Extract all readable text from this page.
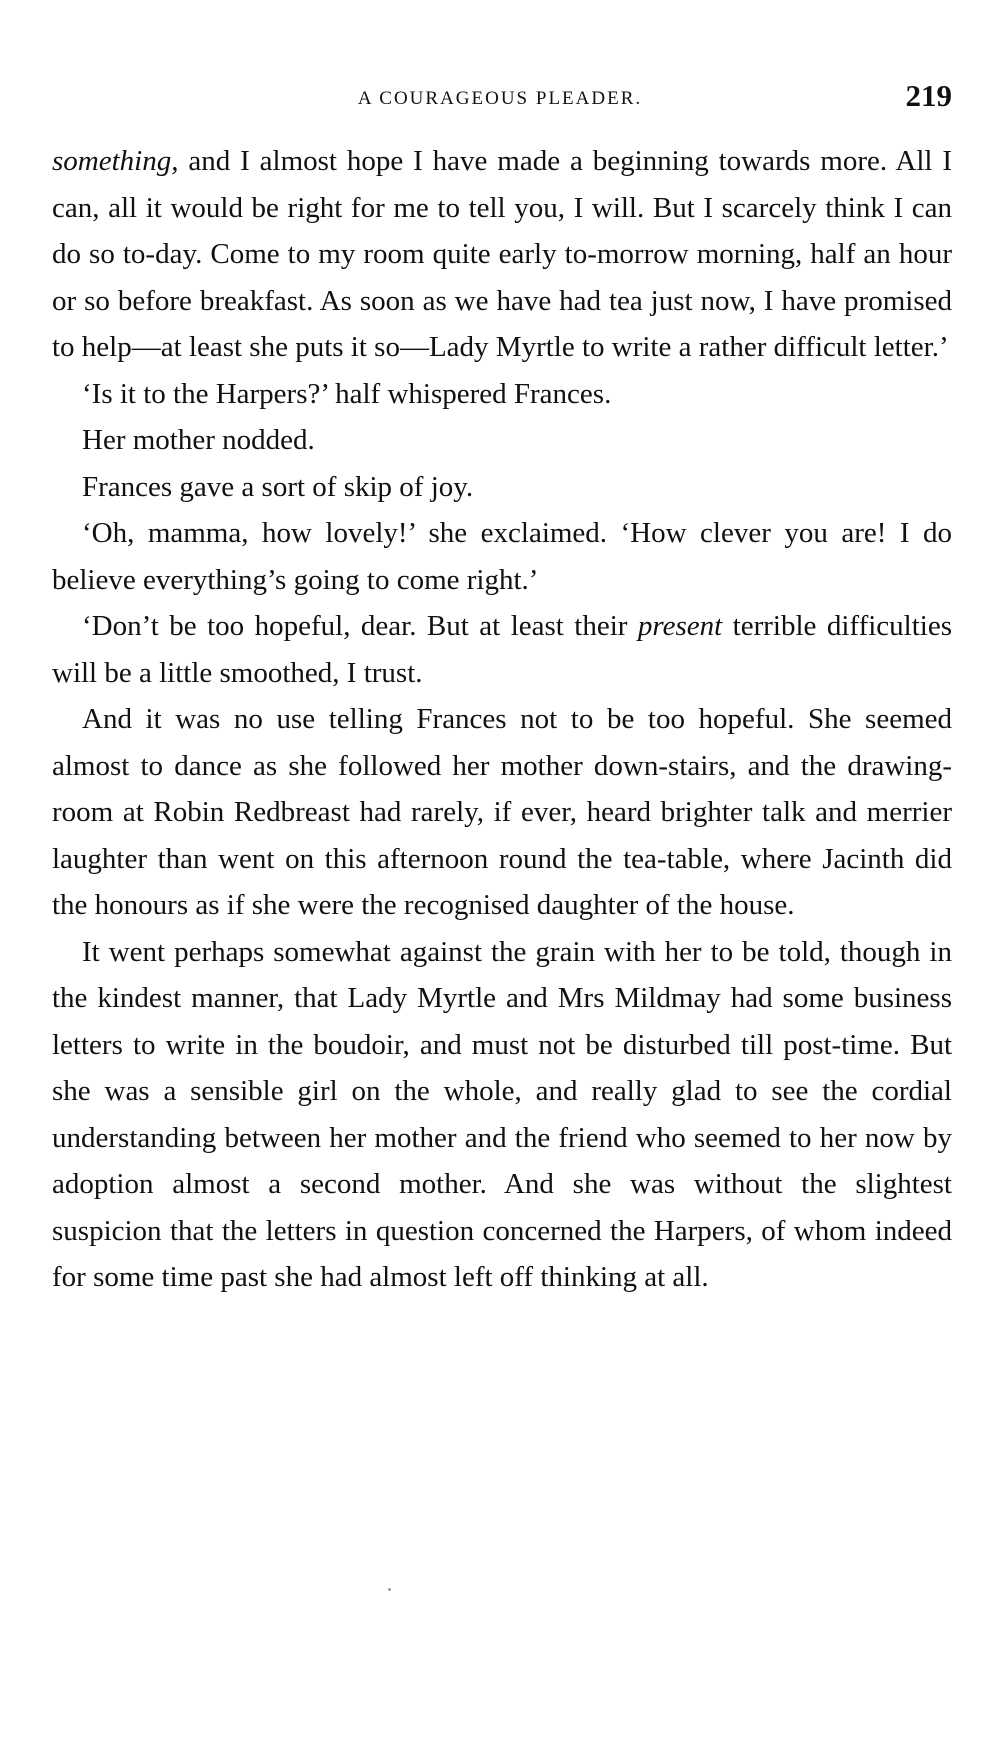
A COURAGEOUS PLEADER.	219

something, and I almost hope I have made a beginning towards more. All I can, all it would be right for me to tell you, I will. But I scarcely think I can do so to-day. Come to my room quite early to-morrow morning, half an hour or so before breakfast. As soon as we have had tea just now, I have promised to help—at least she puts it so—Lady Myrtle to write a rather difficult letter.’

‘Is it to the Harpers?’ half whispered Frances.

Her mother nodded.

Frances gave a sort of skip of joy.

‘Oh, mamma, how lovely!’ she exclaimed. ‘How clever you are! I do believe everything’s going to come right.’

‘Don’t be too hopeful, dear. But at least their present terrible difficulties will be a little smoothed, I trust.

And it was no use telling Frances not to be too hopeful. She seemed almost to dance as she followed her mother down-stairs, and the drawing-room at Robin Redbreast had rarely, if ever, heard brighter talk and merrier laughter than went on this afternoon round the tea-table, where Jacinth did the honours as if she were the recognised daughter of the house.

It went perhaps somewhat against the grain with her to be told, though in the kindest manner, that Lady Myrtle and Mrs Mildmay had some business letters to write in the boudoir, and must not be disturbed till post-time. But she was a sensible girl on the whole, and really glad to see the cordial understanding between her mother and the friend who seemed to her now by adoption almost a second mother. And she was without the slightest suspicion that the letters in question concerned the Harpers, of whom indeed for some time past she had almost left off thinking at all.
